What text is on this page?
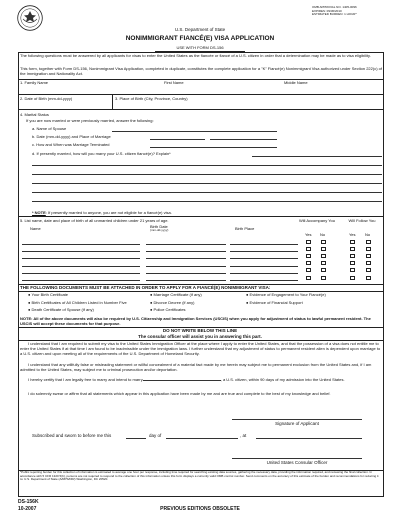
OMB APPROVAL NO. 1405-0096
EXPIRES: 09/30/2010
ESTIMATED BURDEN: 1 HOUR*
U.S. Department of State
NONIMMIGRANT FIANCÉ(E) VISA APPLICATION
USE WITH FORM DS-156
The following questions must be answered by all applicants for visas to enter the United States as the fiancée or fiancé of a U.S. citizen in order that a determination may be made as to visa eligibility.
This form, together with Form DS-156, Nonimmigrant Visa Application, completed in duplicate, constitutes the complete application for a "K" Fiancé(e) Nonimmigrant Visa authorized under Section 222(c) of the Immigration and Nationality Act.
1. Family Name	First Name	Middle Name
2. Date of Birth (mm-dd-yyyy)	3. Place of Birth (City, Province, Country)
4. Marital Status
If you are now married or were previously married, answer the following:
a. Name of Spouse
b. Date (mm-dd-yyyy) and Place of Marriage
c. How and When was Marriage Terminated
d. If presently married, how will you marry your U.S. citizen fiancé(e)? Explain*
* NOTE: If presently married to anyone, you are not eligible for a fiancé(e) visa.
5. List name, date and place of birth of all unmarried children under 21 years of age.	Will Accompany You	Will Follow You
Name	Birth Date
(mm-dd-yyyy)	Birth Place
Yes No	Yes No
THE FOLLOWING DOCUMENTS MUST BE ATTACHED IN ORDER TO APPLY FOR A FIANCÉ(E) NONIMMIGRANT VISA:
● Your Birth Certificate	● Marriage Certificate (if any)	● Evidence of Engagement to Your Fiancé(e)
● Birth Certificates of All Children Listed in Number Five	● Divorce Decree (if any)	● Evidence of Financial Support
● Death Certificate of Spouse (if any)	● Police Certificates
NOTE: All of the above documents will also be required by U.S. Citizenship and Immigration Services (USCIS) when you apply for adjustment of status to lawful permanent resident. The USCIS will accept these documents for that purpose.
DO NOT WRITE BELOW THIS LINE
The consular officer will assist you in answering this part.
I understand that I am required to submit my visa to the United States Immigration Officer at the place where I apply to enter the United States, and that the possession of a visa does not entitle me to enter the United States if at that time I am found to be inadmissible under the immigration laws. I further understand that my adjustment of status to permanent resident alien is dependent upon marriage to a U.S. citizen and upon meeting all of the requirements of the U.S. Department of Homeland Security.
I understand that any willfully false or misleading statement or willful concealment of a material fact made by me herein may subject me to permanent exclusion from the United States and, if I am admitted to the United States, may subject me to criminal prosecution and/or deportation.
I hereby certify that I am legally free to marry and intend to marry	, a U.S. citizen, within 90 days of my admission into the United States.
I do solemnly swear or affirm that all statements which appear in this application have been made by me and are true and complete to the best of my knowledge and belief.
Signature of Applicant
Subscribed and sworn to before me this	day of	, at
United States Consular Officer
*Public reporting burden for this collection of information is estimated to average one hour per response, including time required for searching existing data sources, gathering the necessary data, providing the information required, and reviewing the final collection. In accordance with 5 CFR 1320 5(b), persons are not required to respond to the collection of this information unless this form displays a currently valid OMB control number. Send comments on the accuracy of this estimate of the burden and recommendations for reducing it to: U.S. Department of State (A/RPS/DIR) Washington, DC 20520.
DS-156K
10-2007	PREVIOUS EDITIONS OBSOLETE
